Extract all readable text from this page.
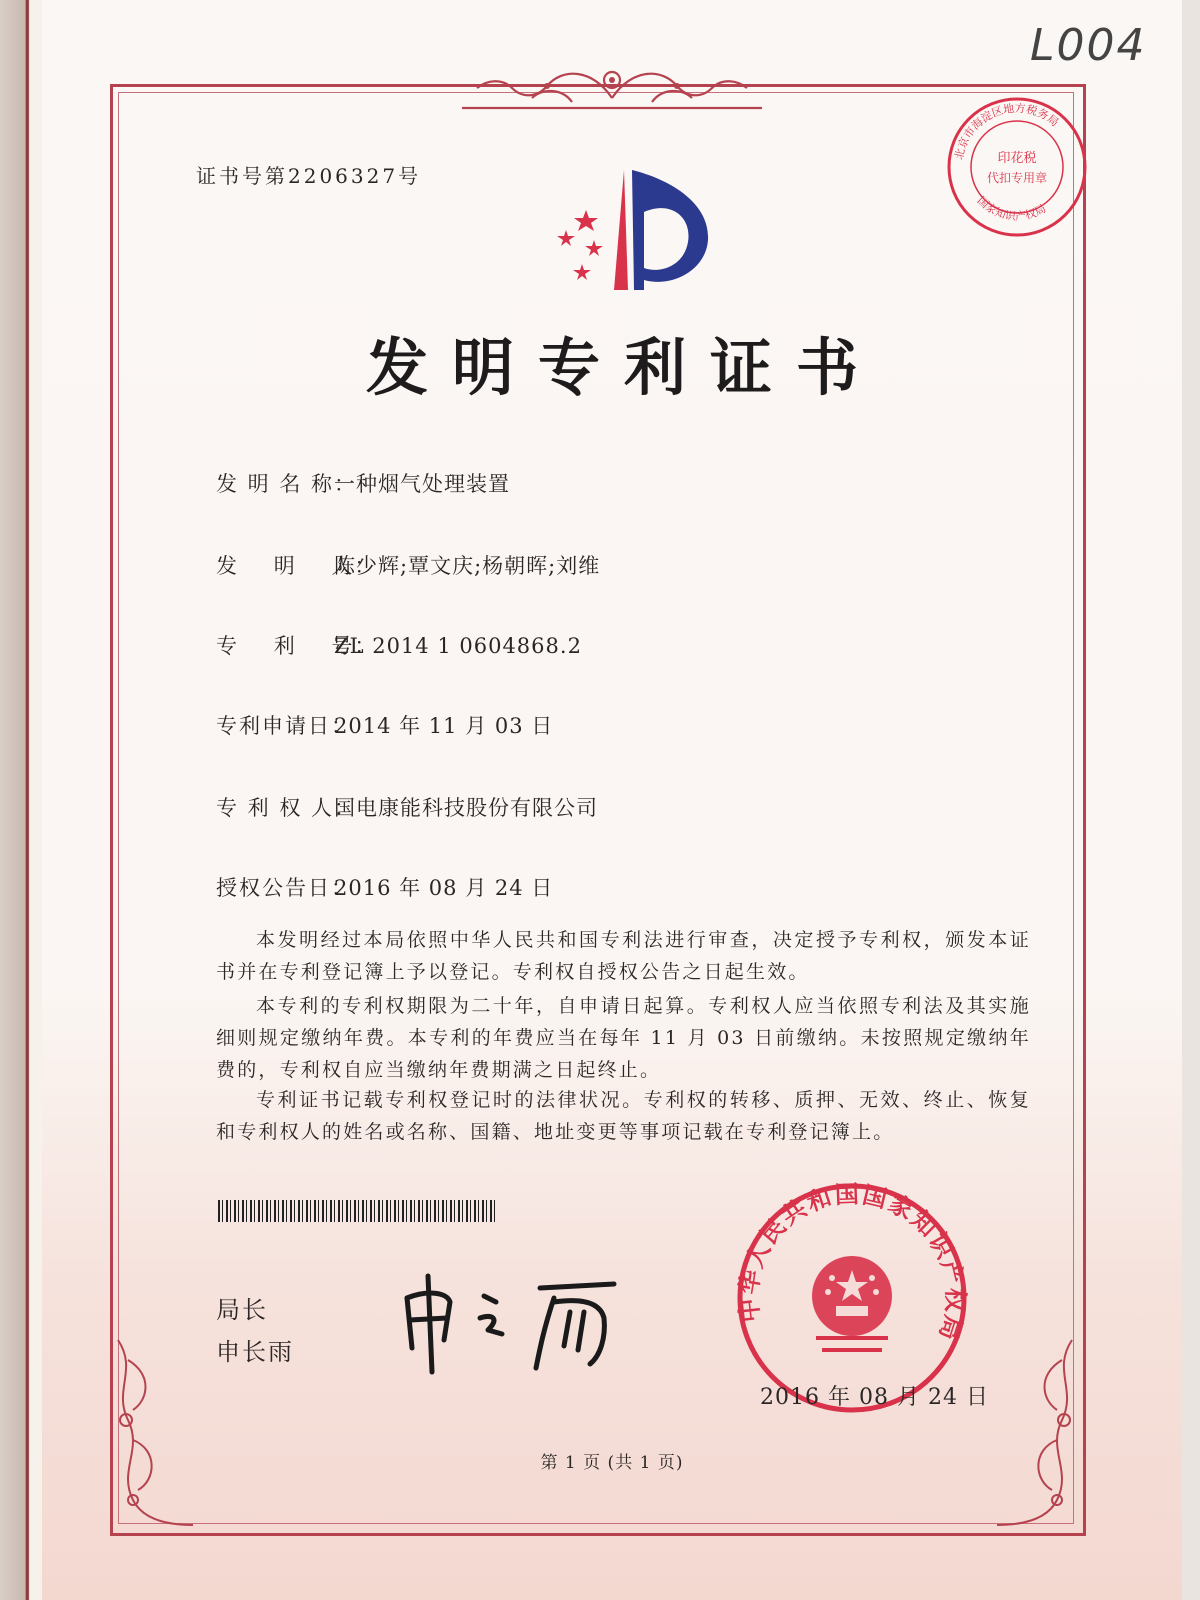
L004
证书号第2206327号
印花税
代扣专用章
北京市海淀区地方税务局
国家知识产权局
发明专利证书
发 明 名 称：一种烟气处理装置
发    明    人：陈少辉;覃文庆;杨朝晖;刘维
专    利    号：ZL 2014 1 0604868.2
专利申请日：2014 年 11 月 03 日
专 利 权 人：国电康能科技股份有限公司
授权公告日：2016 年 08 月 24 日
本发明经过本局依照中华人民共和国专利法进行审查，决定授予专利权，颁发本证书并在专利登记簿上予以登记。专利权自授权公告之日起生效。
本专利的专利权期限为二十年，自申请日起算。专利权人应当依照专利法及其实施细则规定缴纳年费。本专利的年费应当在每年 11 月 03 日前缴纳。未按照规定缴纳年费的，专利权自应当缴纳年费期满之日起终止。
专利证书记载专利权登记时的法律状况。专利权的转移、质押、无效、终止、恢复和专利权人的姓名或名称、国籍、地址变更等事项记载在专利登记簿上。
局长
申长雨
中华人民共和国国家知识产权局
2016 年 08 月 24 日
第 1 页 (共 1 页)
